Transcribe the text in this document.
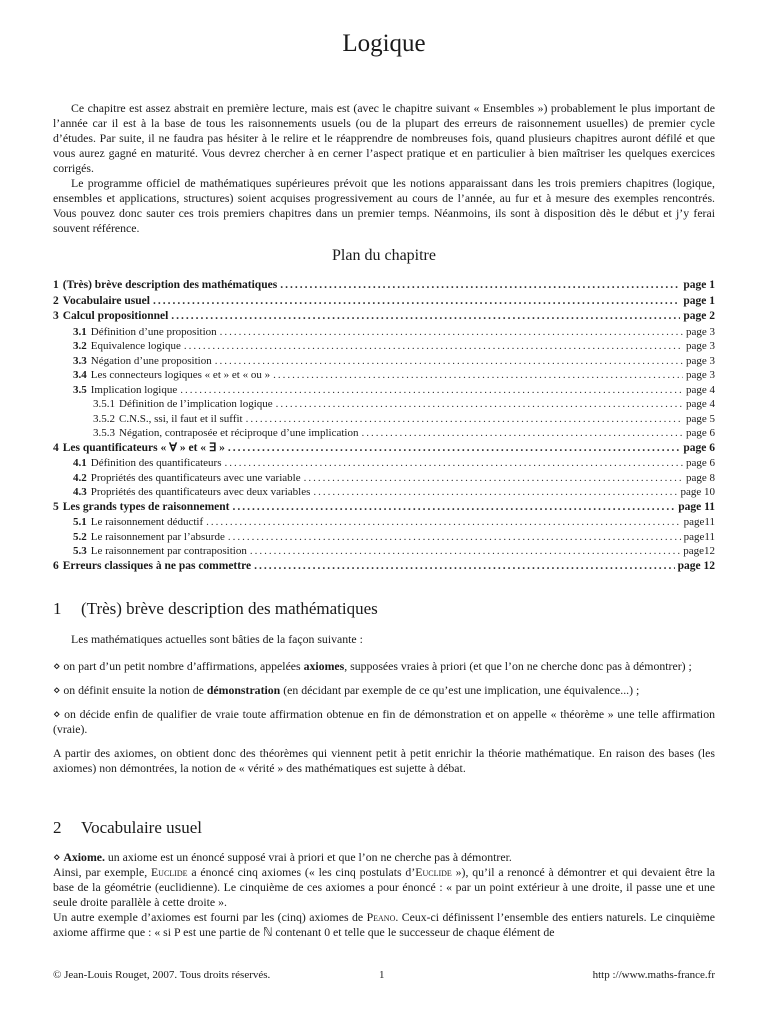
Logique

Ce chapitre est assez abstrait en première lecture, mais est (avec le chapitre suivant « Ensembles ») probablement le plus important de l’année car il est à la base de tous les raisonnements usuels (ou de la plupart des erreurs de raisonnement usuelles) de premier cycle d’études. Par suite, il ne faudra pas hésiter à le relire et le réapprendre de nombreuses fois, quand plusieurs chapitres auront défilé et que vous aurez gagné en maturité. Vous devrez chercher à en cerner l’aspect pratique et en particulier à bien maîtriser les quelques exercices corrigés.

Le programme officiel de mathématiques supérieures prévoit que les notions apparaissant dans les trois premiers chapitres (logique, ensembles et applications, structures) soient acquises progressivement au cours de l’année, au fur et à mesure des exemples rencontrés. Vous pouvez donc sauter ces trois premiers chapitres dans un premier temps. Néanmoins, ils sont à disposition dès le début et j’y ferai souvent référence.

Plan du chapitre
1 (Très) brève description des mathématiques .....	page 1
2 Vocabulaire usuel .....	page 1
3 Calcul propositionnel .....	page 2
3.1 Définition d’une proposition .....	page 3
3.2 Equivalence logique .....	page 3
3.3 Négation d’une proposition .....	page 3
3.4 Les connecteurs logiques « et » et « ou » .....	page 3
3.5 Implication logique .....	page 4
3.5.1 Définition de l’implication logique .....	page 4
3.5.2 C.N.S., ssi, il faut et il suffit .....	page 5
3.5.3 Négation, contraposée et réciproque d’une implication .....	page 6
4 Les quantificateurs « ∀ » et « ∃ » .....	page 6
4.1 Définition des quantificateurs .....	page 6
4.2 Propriétés des quantificateurs avec une variable .....	page 8
4.3 Propriétés des quantificateurs avec deux variables .....	page 10
5 Les grands types de raisonnement .....	page 11
5.1 Le raisonnement déductif .....	page11
5.2 Le raisonnement par l’absurde .....	page11
5.3 Le raisonnement par contraposition .....	page12
6 Erreurs classiques à ne pas commettre .....	page 12
1 (Très) brève description des mathématiques

Les mathématiques actuelles sont bâties de la façon suivante :

⋄ on part d’un petit nombre d’affirmations, appelées axiomes, supposées vraies à priori (et que l’on ne cherche donc pas à démontrer) ;

⋄ on définit ensuite la notion de démonstration (en décidant par exemple de ce qu’est une implication, une équivalence...) ;

⋄ on décide enfin de qualifier de vraie toute affirmation obtenue en fin de démonstration et on appelle « théorème » une telle affirmation (vraie).

A partir des axiomes, on obtient donc des théorèmes qui viennent petit à petit enrichir la théorie mathématique. En raison des bases (les axiomes) non démontrées, la notion de « vérité » des mathématiques est sujette à débat.

2 Vocabulaire usuel

⋄ Axiome. un axiome est un énoncé supposé vrai à priori et que l’on ne cherche pas à démontrer.

Ainsi, par exemple, Euclide a énoncé cinq axiomes (« les cinq postulats d’Euclide »), qu’il a renoncé à démontrer et qui devaient être la base de la géométrie (euclidienne). Le cinquième de ces axiomes a pour énoncé : « par un point extérieur à une droite, il passe une et une seule droite parallèle à cette droite ».

Un autre exemple d’axiomes est fourni par les (cinq) axiomes de Peano. Ceux-ci définissent l’ensemble des entiers naturels. Le cinquième axiome affirme que : « si P est une partie de ℕ contenant 0 et telle que le successeur de chaque élément de

© Jean-Louis Rouget, 2007. Tous droits réservés.	1	http ://www.maths-france.fr
